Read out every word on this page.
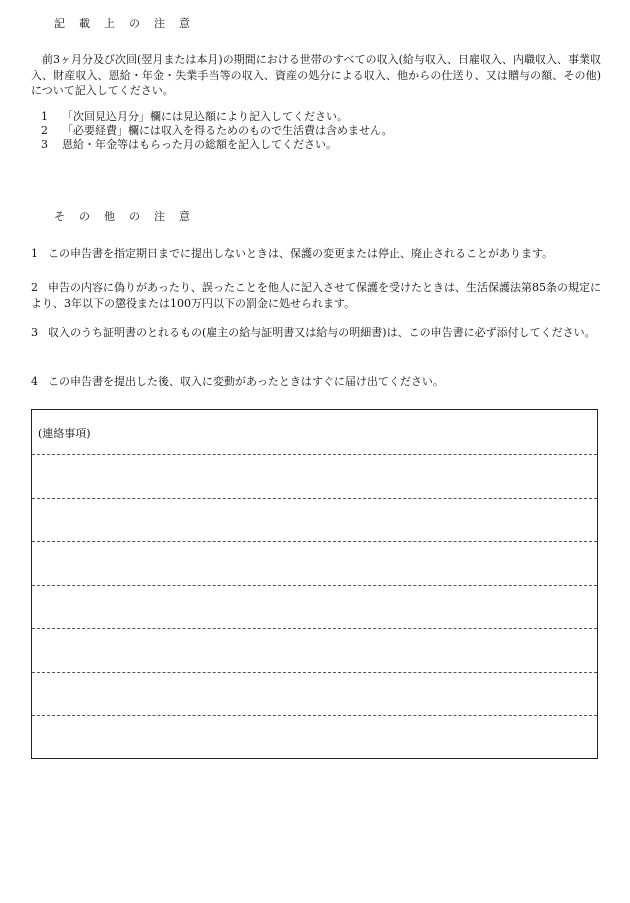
記 載 上 の 注 意

前3ヶ月分及び次回(翌月または本月)の期間における世帯のすべての収入(給与収入、日雇収入、内職収入、事業収入、財産収入、恩給・年金・失業手当等の収入、資産の処分による収入、他からの仕送り、又は贈与の額、その他)について記入してください。

1 「次回見込月分」欄には見込額により記入してください。
2 「必要経費」欄には収入を得るためのもので生活費は含めません。
3 恩給・年金等はもらった月の総額を記入してください。
そ の 他 の 注 意

1 この申告書を指定期日までに提出しないときは、保護の変更または停止、廃止されることがあります。

2 申告の内容に偽りがあったり、誤ったことを他人に記入させて保護を受けたときは、生活保護法第85条の規定により、3年以下の懲役または100万円以下の罰金に処せられます。

3 収入のうち証明書のとれるもの(雇主の給与証明書又は給与の明細書)は、この申告書に必ず添付してください。

4 この申告書を提出した後、収入に変動があったときはすぐに届け出てください。

(連絡事項)
